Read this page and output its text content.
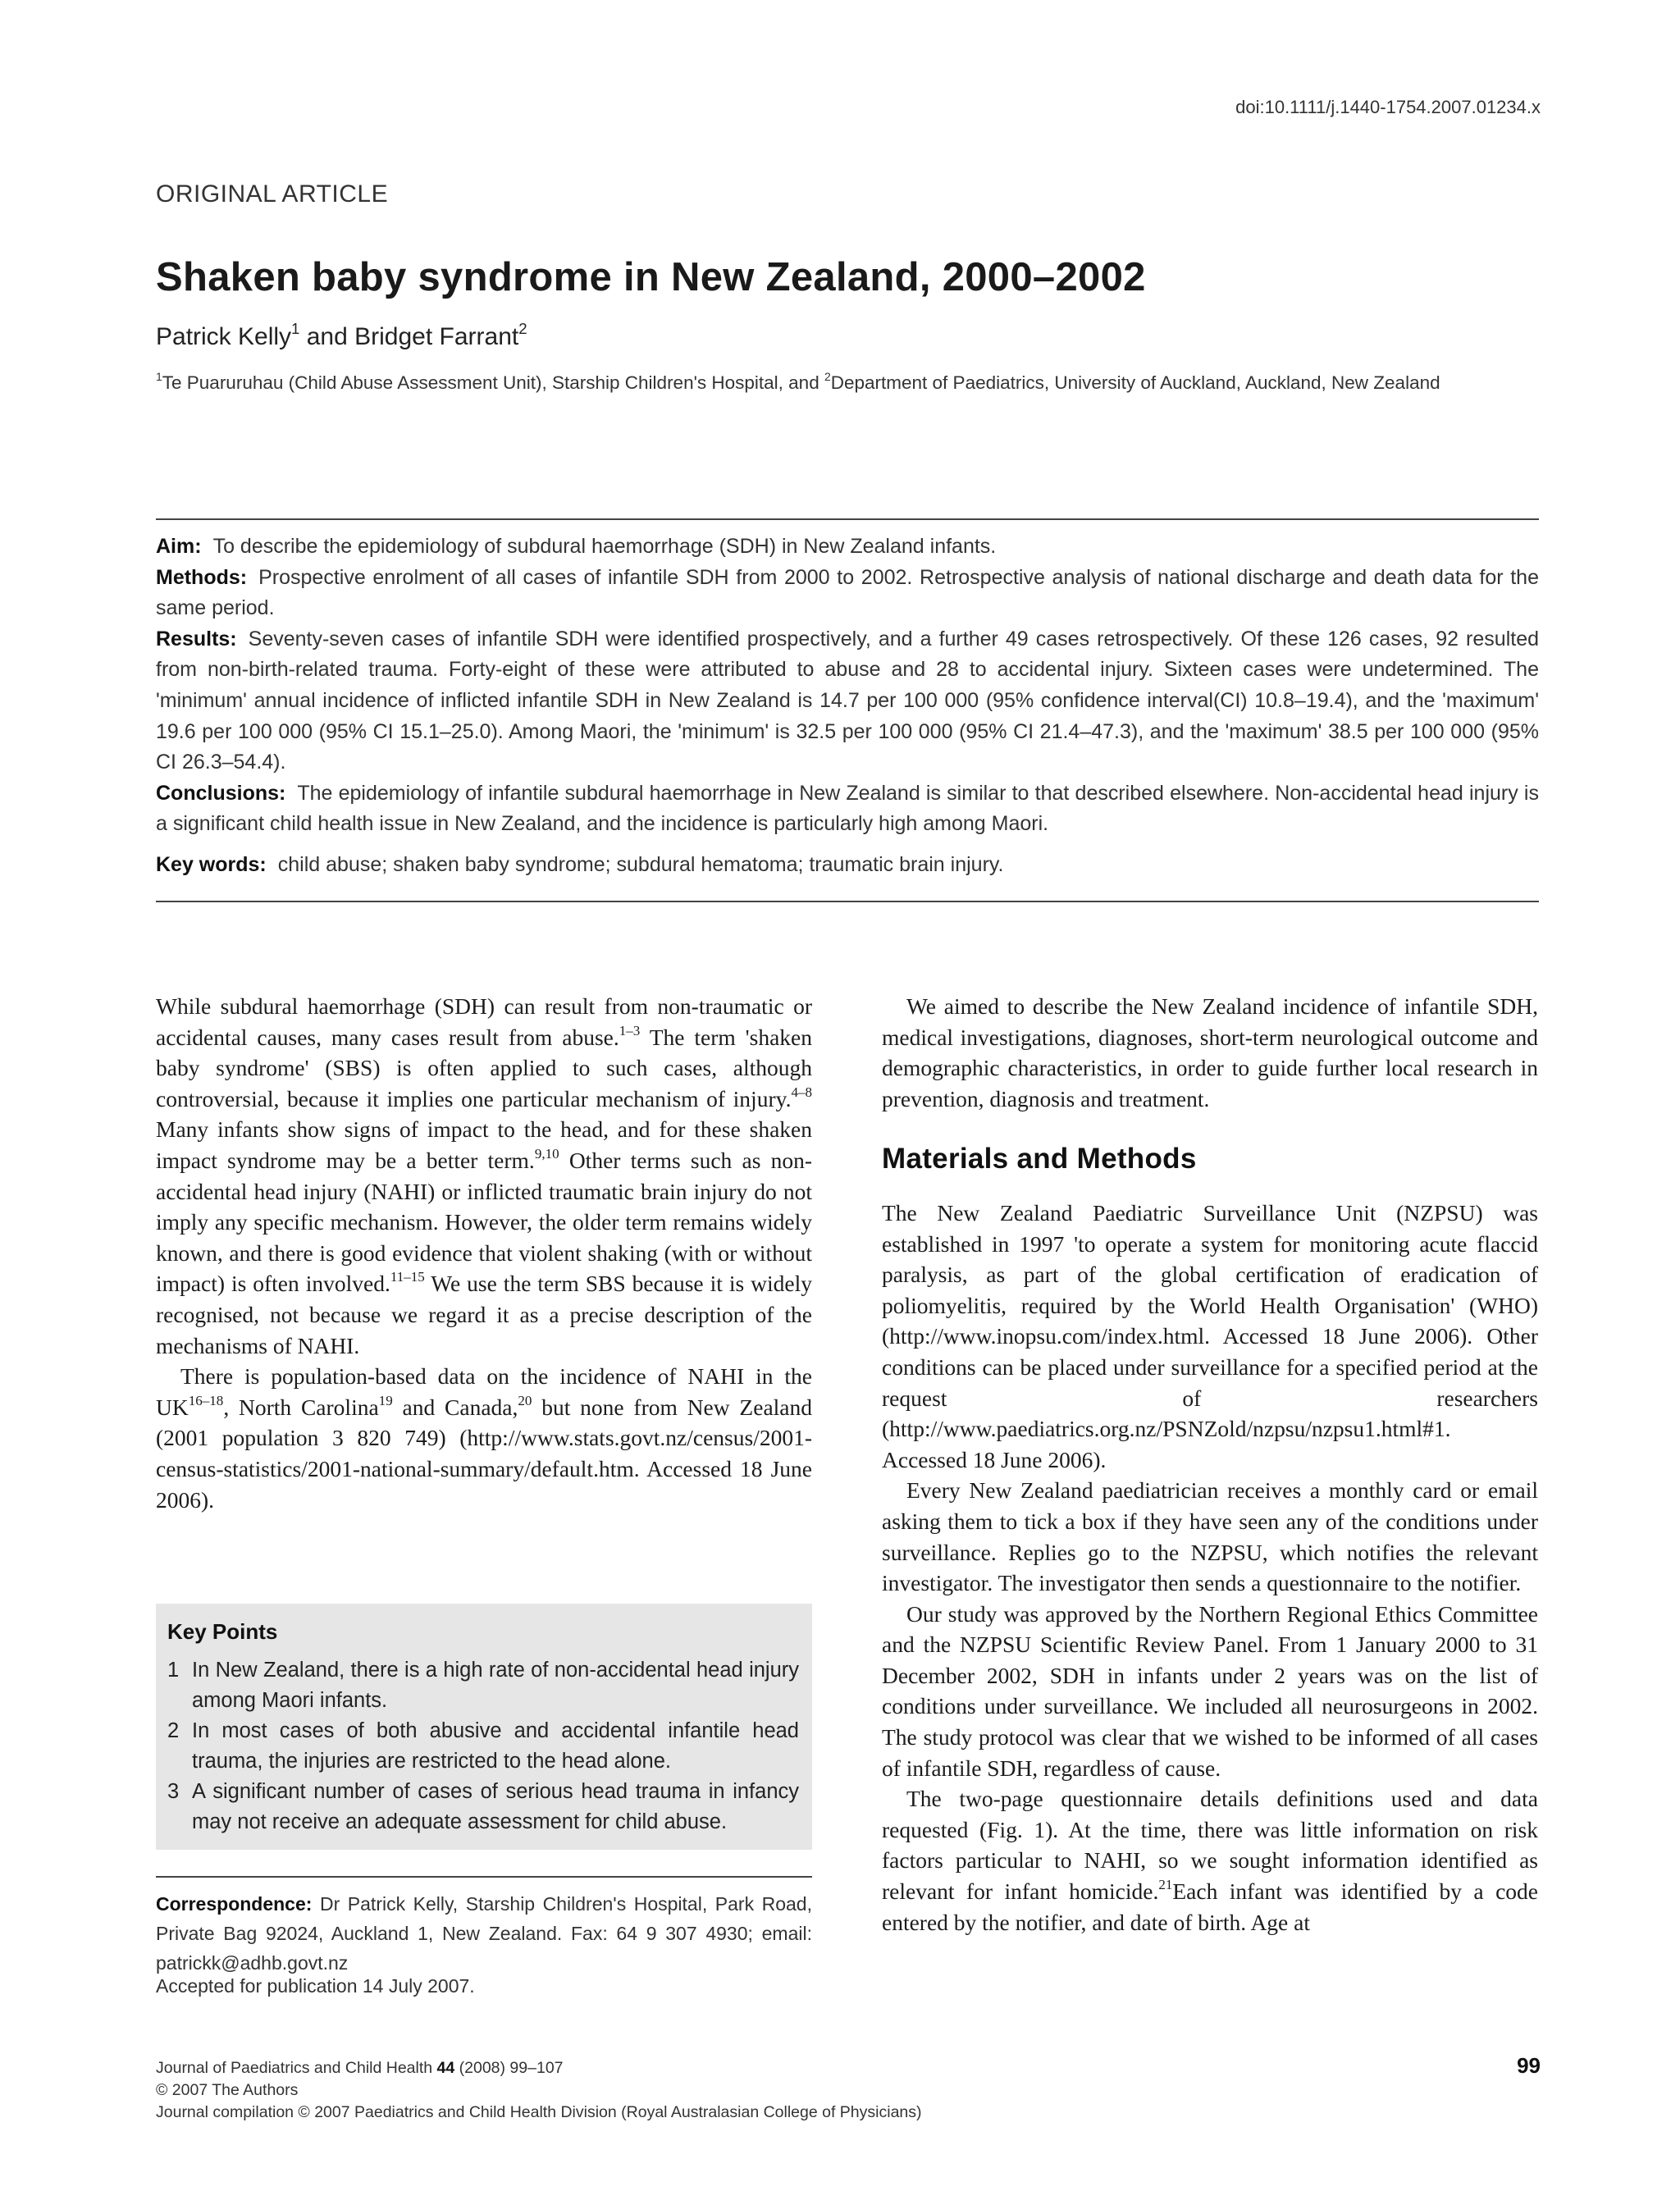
doi:10.1111/j.1440-1754.2007.01234.x
ORIGINAL ARTICLE
Shaken baby syndrome in New Zealand, 2000–2002
Patrick Kelly$^1$ and Bridget Farrant$^2$
$^1$Te Puaruruhau (Child Abuse Assessment Unit), Starship Children's Hospital, and $^2$Department of Paediatrics, University of Auckland, Auckland, New Zealand

Aim: To describe the epidemiology of subdural haemorrhage (SDH) in New Zealand infants.

Methods: Prospective enrolment of all cases of infantile SDH from 2000 to 2002. Retrospective analysis of national discharge and death data for the same period.

Results: Seventy-seven cases of infantile SDH were identified prospectively, and a further 49 cases retrospectively. Of these 126 cases, 92 resulted from non-birth-related trauma. Forty-eight of these were attributed to abuse and 28 to accidental injury. Sixteen cases were undetermined. The 'minimum' annual incidence of inflicted infantile SDH in New Zealand is 14.7 per 100 000 (95% confidence interval(CI) 10.8–19.4), and the 'maximum' 19.6 per 100 000 (95% CI 15.1–25.0). Among Maori, the 'minimum' is 32.5 per 100 000 (95% CI 21.4–47.3), and the 'maximum' 38.5 per 100 000 (95% CI 26.3–54.4).

Conclusions: The epidemiology of infantile subdural haemorrhage in New Zealand is similar to that described elsewhere. Non-accidental head injury is a significant child health issue in New Zealand, and the incidence is particularly high among Maori.

Key words: child abuse; shaken baby syndrome; subdural hematoma; traumatic brain injury.

While subdural haemorrhage (SDH) can result from non-traumatic or accidental causes, many cases result from abuse.$^{1-3}$ The term 'shaken baby syndrome' (SBS) is often applied to such cases, although controversial, because it implies one particular mechanism of injury.$^{4-8}$ Many infants show signs of impact to the head, and for these shaken impact syndrome may be a better term.$^{9,10}$ Other terms such as non-accidental head injury (NAHI) or inflicted traumatic brain injury do not imply any specific mechanism. However, the older term remains widely known, and there is good evidence that violent shaking (with or without impact) is often involved.$^{11-15}$ We use the term SBS because it is widely recognised, not because we regard it as a precise description of the mechanisms of NAHI.

There is population-based data on the incidence of NAHI in the UK$^{16-18}$, North Carolina$^{19}$ and Canada,$^{20}$ but none from New Zealand (2001 population 3 820 749) (http://www.stats.govt.nz/census/2001-census-statistics/2001-national-summary/default.htm. Accessed 18 June 2006).

Key Points
1 In New Zealand, there is a high rate of non-accidental head injury among Maori infants.
2 In most cases of both abusive and accidental infantile head trauma, the injuries are restricted to the head alone.
3 A significant number of cases of serious head trauma in infancy may not receive an adequate assessment for child abuse.
Correspondence: Dr Patrick Kelly, Starship Children's Hospital, Park Road, Private Bag 92024, Auckland 1, New Zealand. Fax: 64 9 307 4930; email: patrickk@adhb.govt.nz
Accepted for publication 14 July 2007.

We aimed to describe the New Zealand incidence of infantile SDH, medical investigations, diagnoses, short-term neurological outcome and demographic characteristics, in order to guide further local research in prevention, diagnosis and treatment.

Materials and Methods

The New Zealand Paediatric Surveillance Unit (NZPSU) was established in 1997 'to operate a system for monitoring acute flaccid paralysis, as part of the global certification of eradication of poliomyelitis, required by the World Health Organisation' (WHO) (http://www.inopsu.com/index.html. Accessed 18 June 2006). Other conditions can be placed under surveillance for a specified period at the request of researchers (http://www.paediatrics.org.nz/PSNZold/nzpsu/nzpsu1.html#1. Accessed 18 June 2006).

Every New Zealand paediatrician receives a monthly card or email asking them to tick a box if they have seen any of the conditions under surveillance. Replies go to the NZPSU, which notifies the relevant investigator. The investigator then sends a questionnaire to the notifier.

Our study was approved by the Northern Regional Ethics Committee and the NZPSU Scientific Review Panel. From 1 January 2000 to 31 December 2002, SDH in infants under 2 years was on the list of conditions under surveillance. We included all neurosurgeons in 2002. The study protocol was clear that we wished to be informed of all cases of infantile SDH, regardless of cause.

The two-page questionnaire details definitions used and data requested (Fig. 1). At the time, there was little information on risk factors particular to NAHI, so we sought information identified as relevant for infant homicide.$^{21}$Each infant was identified by a code entered by the notifier, and date of birth. Age at

Journal of Paediatrics and Child Health 44 (2008) 99–107
© 2007 The Authors
Journal compilation © 2007 Paediatrics and Child Health Division (Royal Australasian College of Physicians)
99
